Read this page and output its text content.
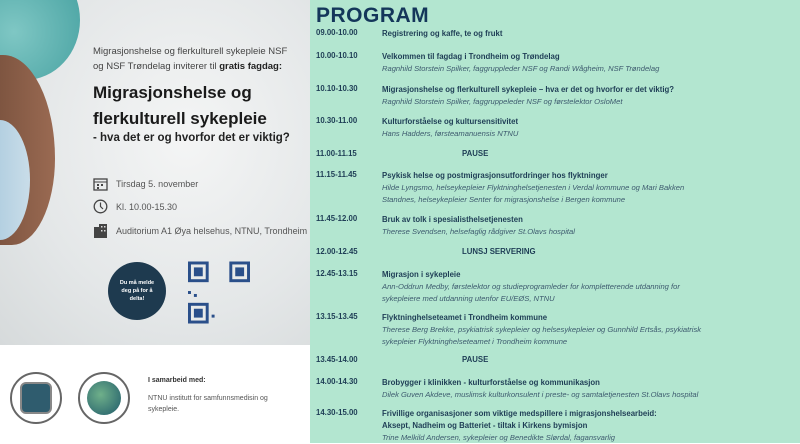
Migrasjonshelse og flerkulturell sykepleie NSF
og NSF Trøndelag inviterer til gratis fagdag:
Migrasjonshelse og
flerkulturell sykepleie
- hva det er og hvorfor det er viktig?
Tirsdag 5. november
Kl. 10.00-15.30
Auditorium A1 Øya helsehus, NTNU, Trondheim
Du må melde deg på for å delta!
I samarbeid med:
NTNU institutt for samfunnsmedisin og sykepleie.
PROGRAM
09.00-10.00	Registrering og kaffe, te og frukt
10.00-10.10	Velkommen til fagdag i Trondheim og Trøndelag
Ragnhild Storstein Spilker, faggruppleder NSF og Randi Wågheim, NSF Trøndelag
10.10-10.30	Migrasjonshelse og flerkulturell sykepleie – hva er det og hvorfor er det viktig?
Ragnhild Storstein Spilker, faggruppeleder NSF og førstelektor OsloMet
10.30-11.00	Kulturforståelse og kultursensitivitet
Hans Hadders, førsteamanuensis NTNU
11.00-11.15	PAUSE
11.15-11.45	Psykisk helse og postmigrasjonsutfordringer hos flyktninger
Hilde Lyngsmo, helseykepleier Flyktninghelsetjenesten i Verdal kommune og Mari Bakken
Standnes, helseykepleier Senter for migrasjonshelse i Bergen kommune
11.45-12.00	Bruk av tolk i spesialisthelsetjenesten
Therese Svendsen, helsefaglig rådgiver St.Olavs hospital
12.00-12.45	LUNSJ SERVERING
12.45-13.15	Migrasjon i sykepleie
Ann-Oddrun Medby, førstelektor og studieprogramleder for kompletterende utdanning for
sykepleiere med utdanning utenfor EU/EØS, NTNU
13.15-13.45	Flyktninghelseteamet i Trondheim kommune
Therese Berg Brekke, psykiatrisk sykepleier og helsesykepleier og Gunnhild Ertsås, psykiatrisk
sykepleier Flyktninghelseteamet i Trondheim kommune
13.45-14.00	PAUSE
14.00-14.30	Brobygger i klinikken - kulturforståelse og kommunikasjon
Dilek Guven Akdeve, muslimsk kulturkonsulent i preste- og samtaletjenesten St.Olavs hospital
14.30-15.00	Frivillige organisasjoner som viktige medspillere i migrasjonshelsearbeid:
Aksept, Nadheim og Batteriet - tiltak i Kirkens bymisjon
Trine Melkild Andersen, sykepleier og Benedikte Slørdal, fagansvarlig
